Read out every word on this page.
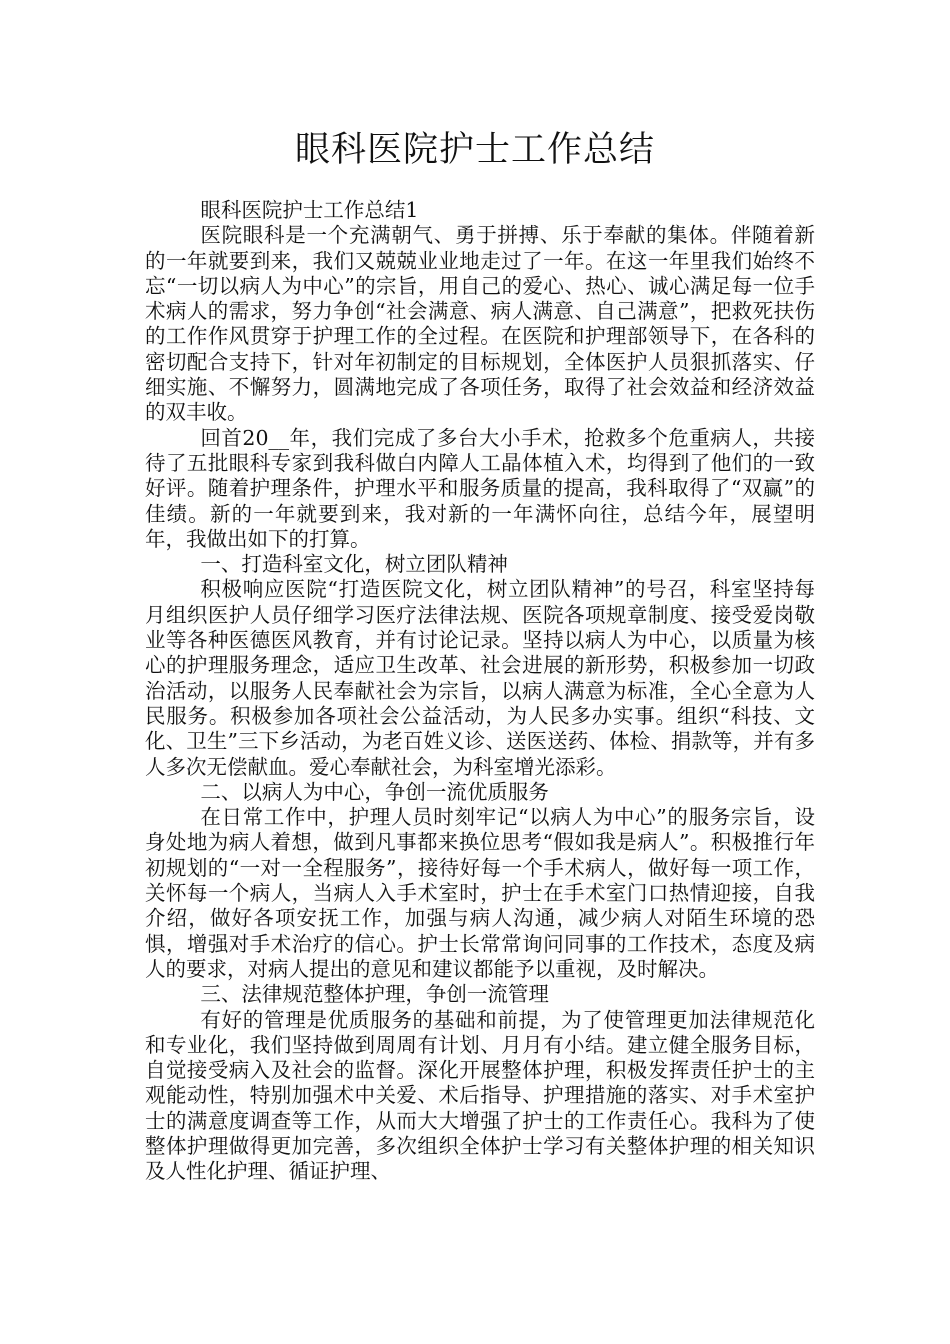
眼科医院护士工作总结

眼科医院护士工作总结1

医院眼科是一个充满朝气、勇于拼搏、乐于奉献的集体。伴随着新的一年就要到来，我们又兢兢业业地走过了一年。在这一年里我们始终不忘“一切以病人为中心”的宗旨，用自己的爱心、热心、诚心满足每一位手术病人的需求，努力争创“社会满意、病人满意、自己满意”，把救死扶伤的工作作风贯穿于护理工作的全过程。在医院和护理部领导下，在各科的密切配合支持下，针对年初制定的目标规划，全体医护人员狠抓落实、仔细实施、不懈努力，圆满地完成了各项任务，取得了社会效益和经济效益的双丰收。

回首20__年，我们完成了多台大小手术，抢救多个危重病人，共接待了五批眼科专家到我科做白内障人工晶体植入术，均得到了他们的一致好评。随着护理条件，护理水平和服务质量的提高，我科取得了“双赢”的佳绩。新的一年就要到来，我对新的一年满怀向往，总结今年，展望明年，我做出如下的打算。

一、打造科室文化，树立团队精神

积极响应医院“打造医院文化，树立团队精神”的号召，科室坚持每月组织医护人员仔细学习医疗法律法规、医院各项规章制度、接受爱岗敬业等各种医德医风教育，并有讨论记录。坚持以病人为中心，以质量为核心的护理服务理念，适应卫生改革、社会进展的新形势，积极参加一切政治活动，以服务人民奉献社会为宗旨，以病人满意为标准，全心全意为人民服务。积极参加各项社会公益活动，为人民多办实事。组织“科技、文化、卫生”三下乡活动，为老百姓义诊、送医送药、体检、捐款等，并有多人多次无偿献血。爱心奉献社会，为科室增光添彩。

二、以病人为中心，争创一流优质服务

在日常工作中，护理人员时刻牢记“以病人为中心”的服务宗旨，设身处地为病人着想，做到凡事都来换位思考“假如我是病人”。积极推行年初规划的“一对一全程服务”，接待好每一个手术病人，做好每一项工作，关怀每一个病人，当病人入手术室时，护士在手术室门口热情迎接，自我介绍，做好各项安抚工作，加强与病人沟通，减少病人对陌生环境的恐惧，增强对手术治疗的信心。护士长常常询问同事的工作技术，态度及病人的要求，对病人提出的意见和建议都能予以重视，及时解决。

三、法律规范整体护理，争创一流管理

有好的管理是优质服务的基础和前提，为了使管理更加法律规范化和专业化，我们坚持做到周周有计划、月月有小结。建立健全服务目标，自觉接受病入及社会的监督。深化开展整体护理，积极发挥责任护士的主观能动性，特别加强术中关爱、术后指导、护理措施的落实、对手术室护士的满意度调查等工作，从而大大增强了护士的工作责任心。我科为了使整体护理做得更加完善，多次组织全体护士学习有关整体护理的相关知识及人性化护理、循证护理、
